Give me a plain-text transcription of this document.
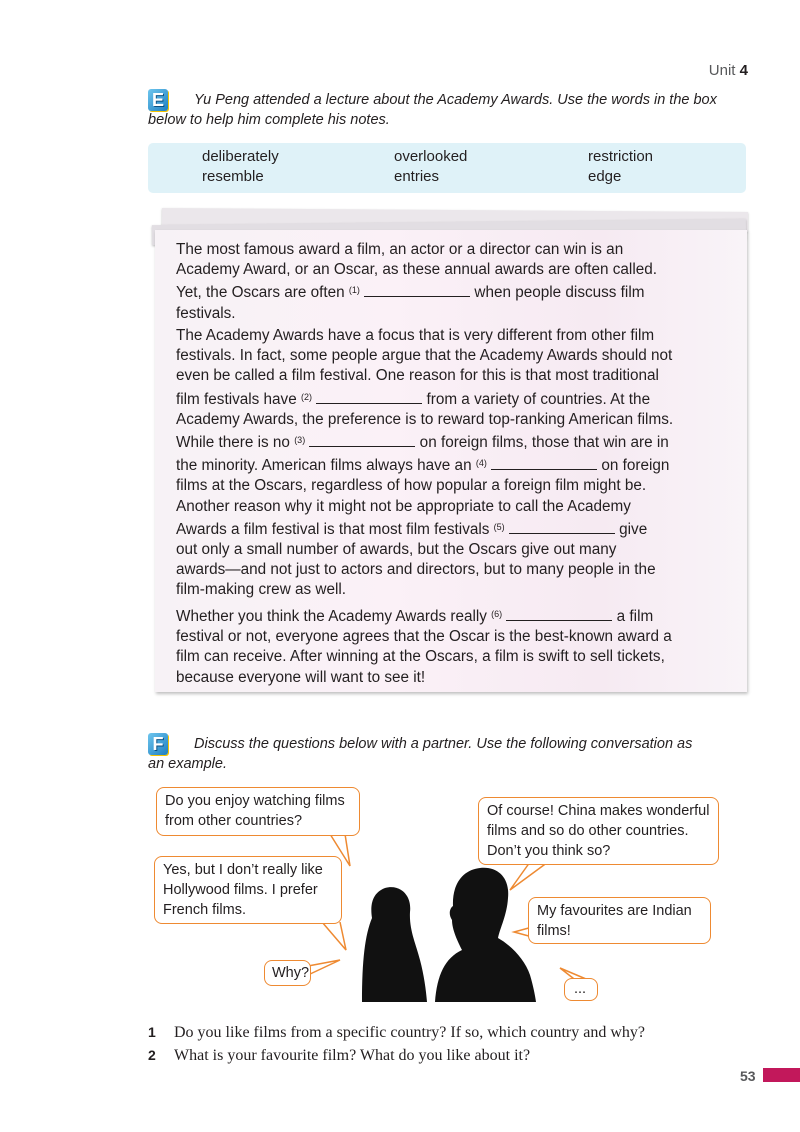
Unit 4
E	Yu Peng attended a lecture about the Academy Awards. Use the words in the box
below to help him complete his notes.
deliberately	overlooked	restriction
resemble	entries	edge

The most famous award a film, an actor or a director can win is an
Academy Award, or an Oscar, as these annual awards are often called.
Yet, the Oscars are often $^{(1)}$	when people discuss film
festivals.

The Academy Awards have a focus that is very different from other film
festivals. In fact, some people argue that the Academy Awards should not
even be called a film festival. One reason for this is that most traditional
film festivals have $^{(2)}$	from a variety of countries. At the
Academy Awards, the preference is to reward top-ranking American films.
While there is no $^{(3)}$	on foreign films, those that win are in
the minority. American films always have an $^{(4)}$	on foreign
films at the Oscars, regardless of how popular a foreign film might be.
Another reason why it might not be appropriate to call the Academy
Awards a film festival is that most film festivals $^{(5)}$	give
out only a small number of awards, but the Oscars give out many
awards—and not just to actors and directors, but to many people in the
film-making crew as well.

Whether you think the Academy Awards really $^{(6)}$	a film
festival or not, everyone agrees that the Oscar is the best-known award a
film can receive. After winning at the Oscars, a film is swift to sell tickets,
because everyone will want to see it!

F	Discuss the questions below with a partner. Use the following conversation as
an example.
Do you enjoy watching films
from other countries?
Of course! China makes wonderful
films and so do other countries.
Don’t you think so?
Yes, but I don’t really like
Hollywood films. I prefer
French films.	My favourites are Indian
films!
Why?
...
1 Do you like films from a specific country? If so, which country and why?
2 What is your favourite film? What do you like about it?
53
